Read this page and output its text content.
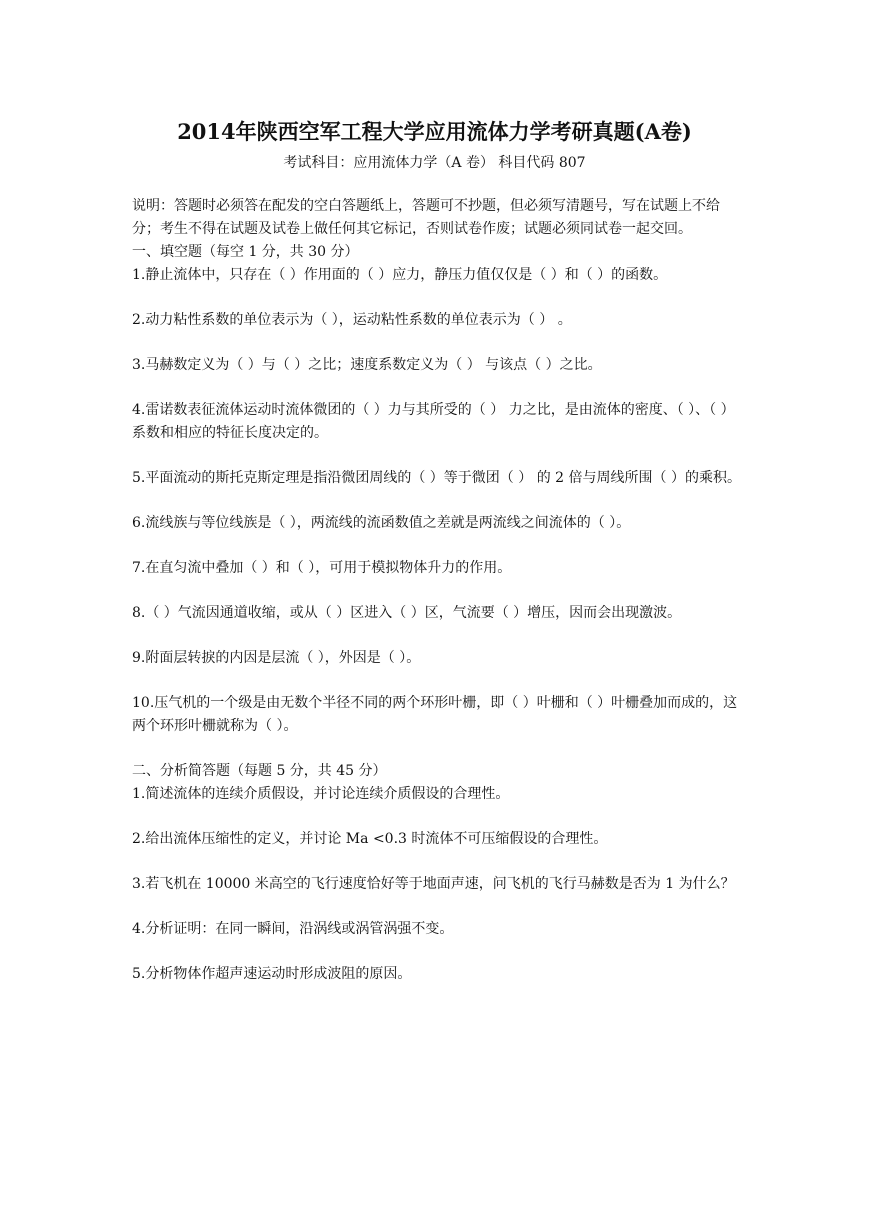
2014年陕西空军工程大学应用流体力学考研真题(A卷)
考试科目：应用流体力学（A 卷） 科目代码 807

说明：答题时必须答在配发的空白答题纸上，答题可不抄题，但必须写清题号，写在试题上不给分；考生不得在试题及试卷上做任何其它标记，否则试卷作废；试题必须同试卷一起交回。

一、填空题（每空 1 分，共 30 分）

1.静止流体中，只存在（ ）作用面的（ ）应力，静压力值仅仅是（ ）和（ ）的函数。

2.动力粘性系数的单位表示为（ ），运动粘性系数的单位表示为（ ） 。

3.马赫数定义为（ ）与（ ）之比；速度系数定义为（ ） 与该点（ ）之比。

4.雷诺数表征流体运动时流体微团的（ ）力与其所受的（ ） 力之比，是由流体的密度、（ ）、（ ）系数和相应的特征长度决定的。

5.平面流动的斯托克斯定理是指沿微团周线的（ ）等于微团（ ） 的 2 倍与周线所围（ ）的乘积。

6.流线族与等位线族是（ ），两流线的流函数值之差就是两流线之间流体的（ ）。

7.在直匀流中叠加（ ）和（ ），可用于模拟物体升力的作用。

8.（ ）气流因通道收缩，或从（ ）区进入（ ）区，气流要（ ）增压，因而会出现激波。

9.附面层转捩的内因是层流（ ），外因是（ ）。

10.压气机的一个级是由无数个半径不同的两个环形叶栅，即（ ）叶栅和（ ）叶栅叠加而成的，这两个环形叶栅就称为（ ）。

二、分析简答题（每题 5 分，共 45 分）

1.简述流体的连续介质假设，并讨论连续介质假设的合理性。

2.给出流体压缩性的定义，并讨论 Ma <0.3 时流体不可压缩假设的合理性。

3.若飞机在 10000 米高空的飞行速度恰好等于地面声速，问飞机的飞行马赫数是否为 1 为什么？

4.分析证明：在同一瞬间，沿涡线或涡管涡强不变。

5.分析物体作超声速运动时形成波阻的原因。
